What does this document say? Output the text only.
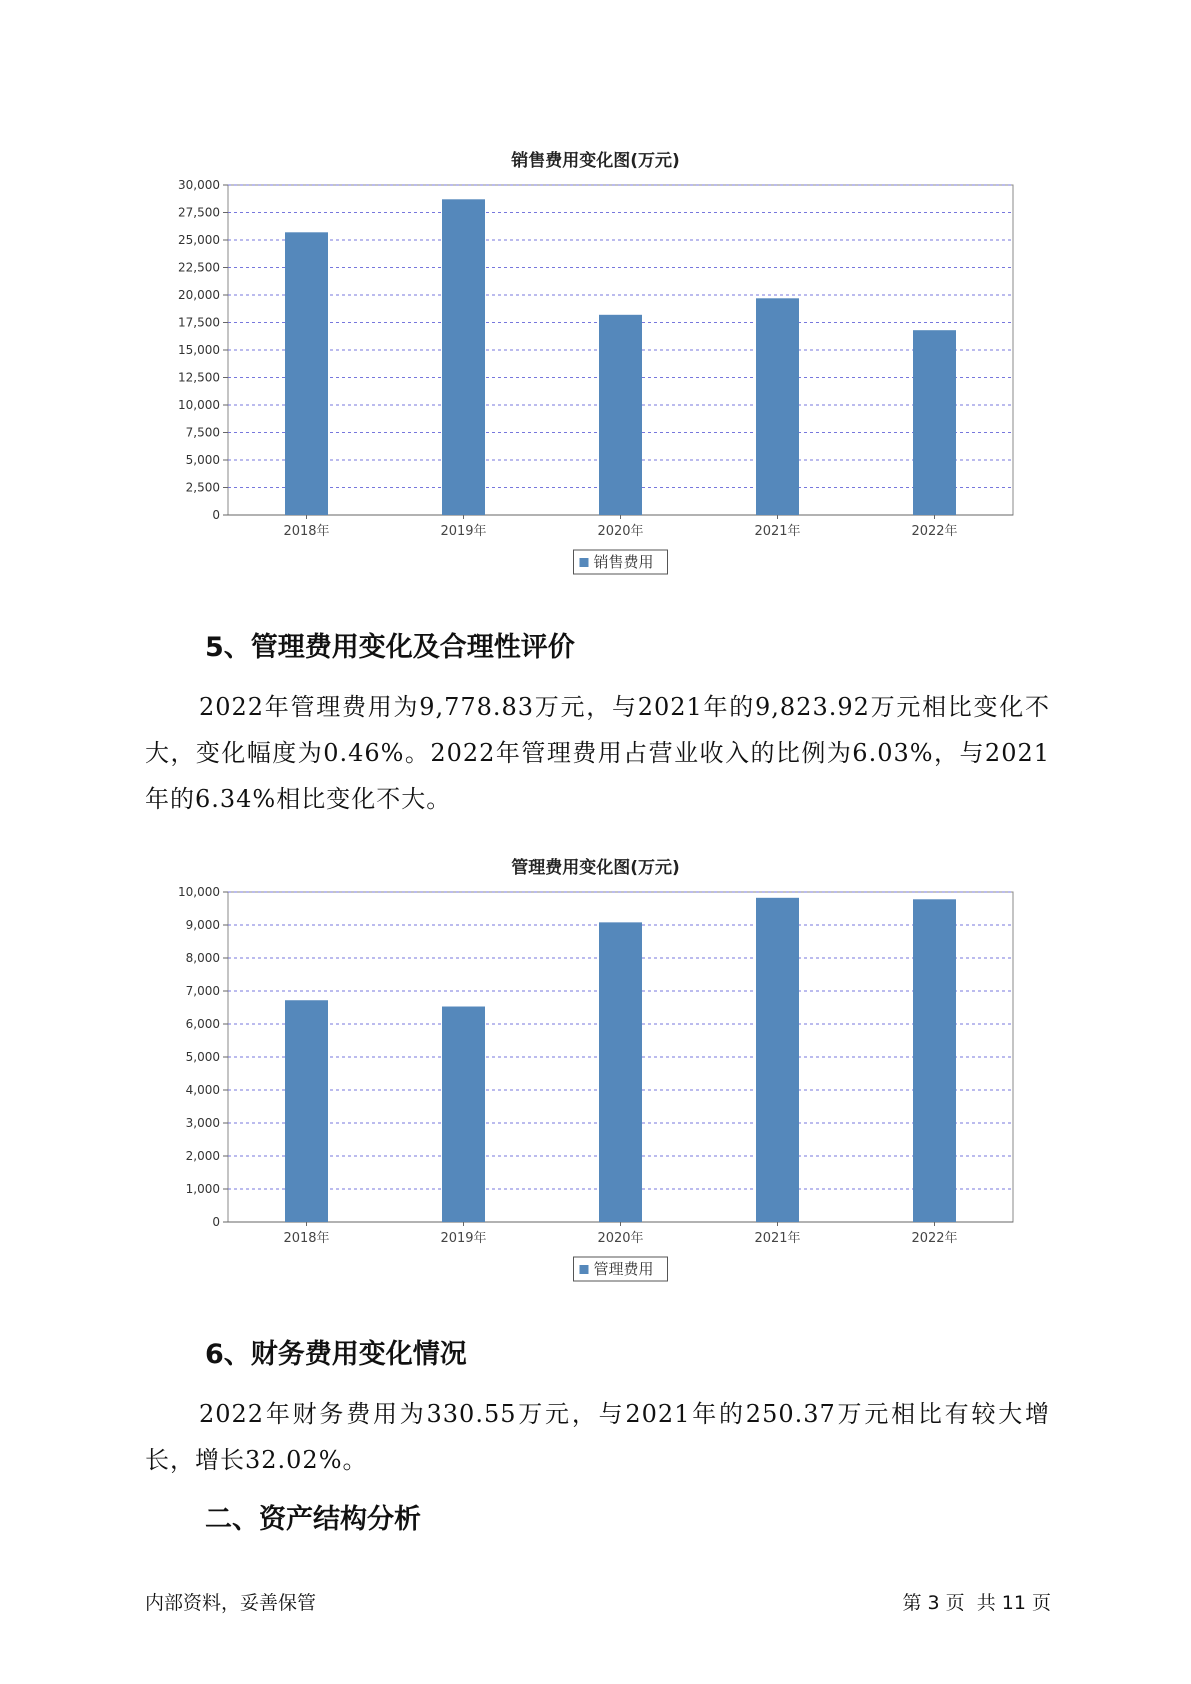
销售费用变化图(万元)
0
2,500
5,000
7,500
10,000
12,500
15,000
17,500
20,000
22,500
25,000
27,500
30,000
2018年	2019年	2020年	2021年	2022年
销售费用
5、管理费用变化及合理性评价
2022年管理费用为9,778.83万元，与2021年的9,823.92万元相比变化不大，变化幅度为0.46%。2022年管理费用占营业收入的比例为6.03%，与2021年的6.34%相比变化不大。
管理费用变化图(万元)
0
1,000
2,000
3,000
4,000
5,000
6,000
7,000
8,000
9,000
10,000
2018年	2019年	2020年	2021年	2022年
管理费用
6、财务费用变化情况
2022年财务费用为330.55万元，与2021年的250.37万元相比有较大增长，增长32.02%。
二、资产结构分析
内部资料，妥善保管	第 3 页  共 11 页
